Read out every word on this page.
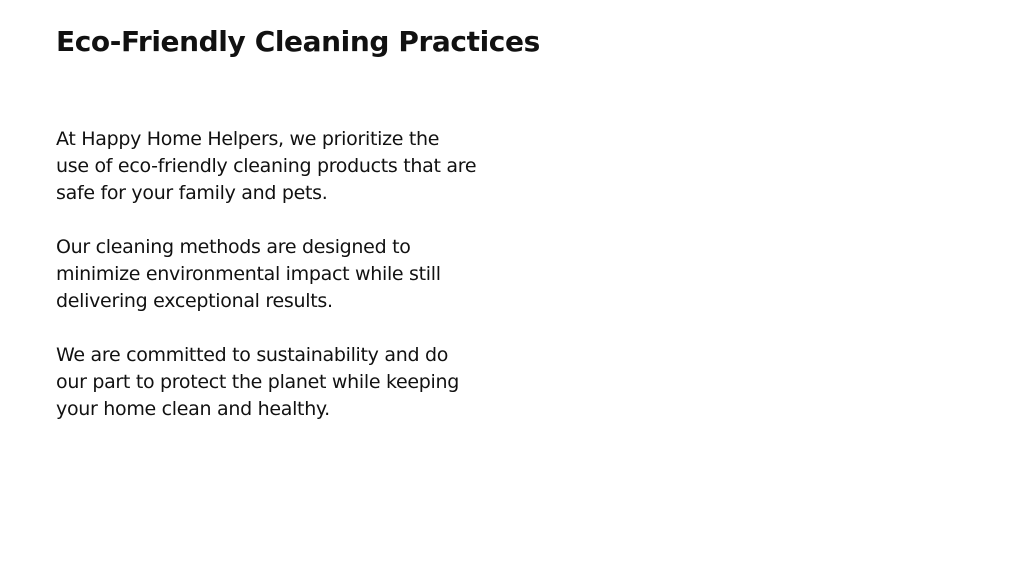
Eco-Friendly Cleaning Practices

At Happy Home Helpers, we prioritize the
use of eco-friendly cleaning products that are
safe for your family and pets.

Our cleaning methods are designed to
minimize environmental impact while still
delivering exceptional results.

We are committed to sustainability and do
our part to protect the planet while keeping
your home clean and healthy.
